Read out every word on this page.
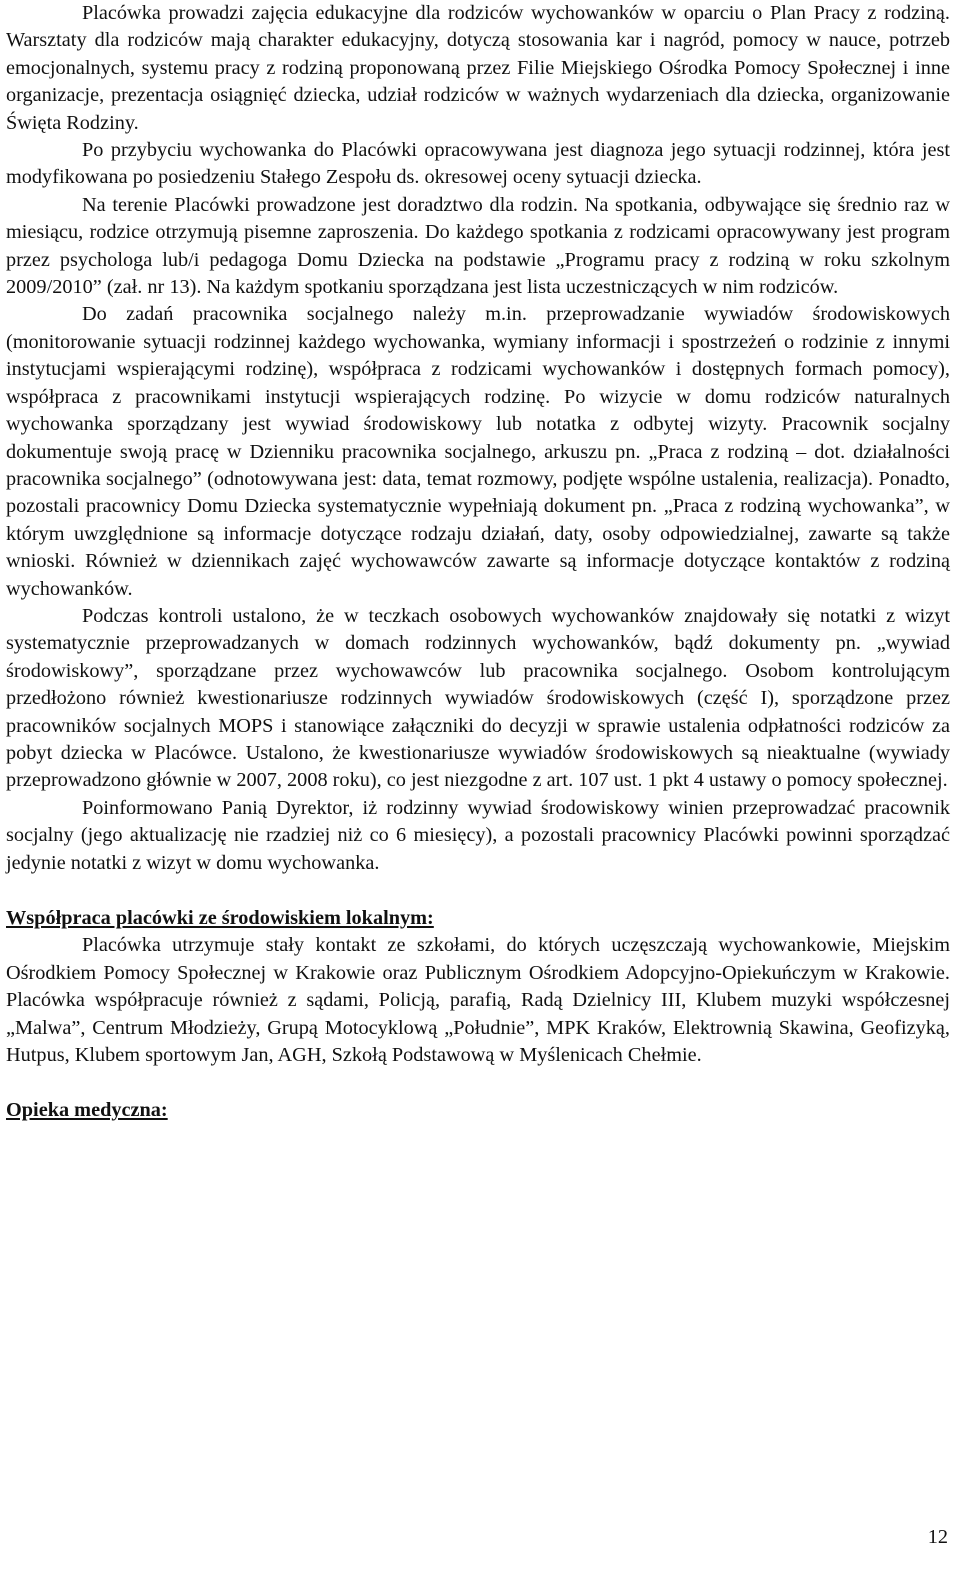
Placówka prowadzi zajęcia edukacyjne dla rodziców wychowanków w oparciu o Plan Pracy z rodziną. Warsztaty dla rodziców mają charakter edukacyjny, dotyczą stosowania kar i nagród, pomocy w nauce, potrzeb emocjonalnych, systemu pracy z rodziną proponowaną przez Filie Miejskiego Ośrodka Pomocy Społecznej i inne organizacje, prezentacja osiągnięć dziecka, udział rodziców w ważnych wydarzeniach dla dziecka, organizowanie Święta Rodziny.

Po przybyciu wychowanka do Placówki opracowywana jest diagnoza jego sytuacji rodzinnej, która jest modyfikowana po posiedzeniu Stałego Zespołu ds. okresowej oceny sytuacji dziecka.

Na terenie Placówki prowadzone jest doradztwo dla rodzin. Na spotkania, odbywające się średnio raz w miesiącu, rodzice otrzymują pisemne zaproszenia. Do każdego spotkania z rodzicami opracowywany jest program przez psychologa lub/i pedagoga Domu Dziecka na podstawie „Programu pracy z rodziną w roku szkolnym 2009/2010” (zał. nr 13). Na każdym spotkaniu sporządzana jest lista uczestniczących w nim rodziców.

Do zadań pracownika socjalnego należy m.in. przeprowadzanie wywiadów środowiskowych (monitorowanie sytuacji rodzinnej każdego wychowanka, wymiany informacji i spostrzeżeń o rodzinie z innymi instytucjami wspierającymi rodzinę), współpraca z rodzicami wychowanków i dostępnych formach pomocy), współpraca z pracownikami instytucji wspierających rodzinę. Po wizycie w domu rodziców naturalnych wychowanka sporządzany jest wywiad środowiskowy lub notatka z odbytej wizyty. Pracownik socjalny dokumentuje swoją pracę w Dzienniku pracownika socjalnego, arkuszu pn. „Praca z rodziną – dot. działalności pracownika socjalnego” (odnotowywana jest: data, temat rozmowy, podjęte wspólne ustalenia, realizacja). Ponadto, pozostali pracownicy Domu Dziecka systematycznie wypełniają dokument pn. „Praca z rodziną wychowanka”, w którym uwzględnione są informacje dotyczące rodzaju działań, daty, osoby odpowiedzialnej, zawarte są także wnioski. Również w dziennikach zajęć wychowawców zawarte są informacje dotyczące kontaktów z rodziną wychowanków.

Podczas kontroli ustalono, że w teczkach osobowych wychowanków znajdowały się notatki z wizyt systematycznie przeprowadzanych w domach rodzinnych wychowanków, bądź dokumenty pn. „wywiad środowiskowy”, sporządzane przez wychowawców lub pracownika socjalnego. Osobom kontrolującym przedłożono również kwestionariusze rodzinnych wywiadów środowiskowych (część I), sporządzone przez pracowników socjalnych MOPS i stanowiące załączniki do decyzji w sprawie ustalenia odpłatności rodziców za pobyt dziecka w Placówce. Ustalono, że kwestionariusze wywiadów środowiskowych są nieaktualne (wywiady przeprowadzono głównie w 2007, 2008 roku), co jest niezgodne z art. 107 ust. 1 pkt 4 ustawy o pomocy społecznej.

Poinformowano Panią Dyrektor, iż rodzinny wywiad środowiskowy winien przeprowadzać pracownik socjalny (jego aktualizację nie rzadziej niż co 6 miesięcy), a pozostali pracownicy Placówki powinni sporządzać jedynie notatki z wizyt w domu wychowanka.

Współpraca placówki ze środowiskiem lokalnym:

Placówka utrzymuje stały kontakt ze szkołami, do których uczęszczają wychowankowie, Miejskim Ośrodkiem Pomocy Społecznej w Krakowie oraz Publicznym Ośrodkiem Adopcyjno-Opiekuńczym w Krakowie. Placówka współpracuje również z sądami, Policją, parafią, Radą Dzielnicy III, Klubem muzyki współczesnej „Malwa”, Centrum Młodzieży, Grupą Motocyklową „Południe”, MPK Kraków, Elektrownią Skawina, Geofizyką, Hutpus, Klubem sportowym Jan, AGH, Szkołą Podstawową w Myślenicach Chełmie.

Opieka medyczna:

12
